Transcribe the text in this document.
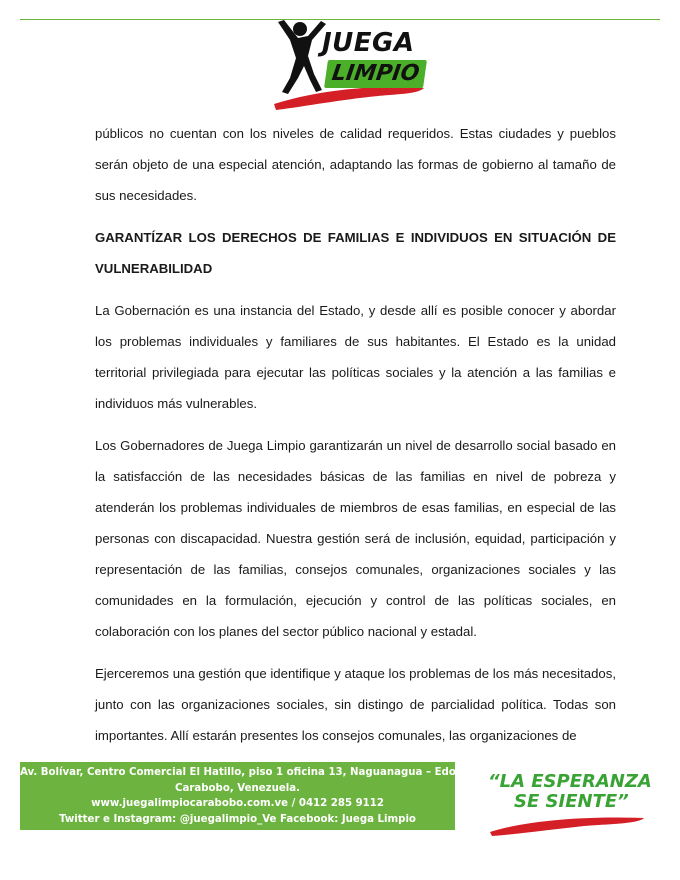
JUEGA
LIMPIO

públicos no cuentan con los niveles de calidad requeridos. Estas ciudades y pueblos serán objeto de una especial atención, adaptando las formas de gobierno al tamaño de sus necesidades.

GARANTÍZAR LOS DERECHOS DE FAMILIAS E INDIVIDUOS EN SITUACIÓN DE VULNERABILIDAD

La Gobernación es una instancia del Estado, y desde allí es posible conocer y abordar los problemas individuales y familiares de sus habitantes. El Estado es la unidad territorial privilegiada para ejecutar las políticas sociales y la atención a las familias e individuos más vulnerables.

Los Gobernadores de Juega Limpio garantizarán un nivel de desarrollo social basado en la satisfacción de las necesidades básicas de las familias en nivel de pobreza y atenderán los problemas individuales de miembros de esas familias, en especial de las personas con discapacidad. Nuestra gestión será de inclusión, equidad, participación y representación de las familias, consejos comunales, organizaciones sociales y las comunidades en la formulación, ejecución y control de las políticas sociales, en colaboración con los planes del sector público nacional y estadal.

Ejerceremos una gestión que identifique y ataque los problemas de los más necesitados, junto con las organizaciones sociales, sin distingo de parcialidad política. Todas son importantes. Allí estarán presentes los consejos comunales, las organizaciones de

Av. Bolívar, Centro Comercial El Hatillo, piso 1 oficina 13, Naguanagua – Edo.
Carabobo, Venezuela.
www.juegalimpiocarabobo.com.ve / 0412 285 9112
Twitter e Instagram: @juegalimpio_Ve Facebook: Juega Limpio
“LA ESPERANZA
SE SIENTE”
